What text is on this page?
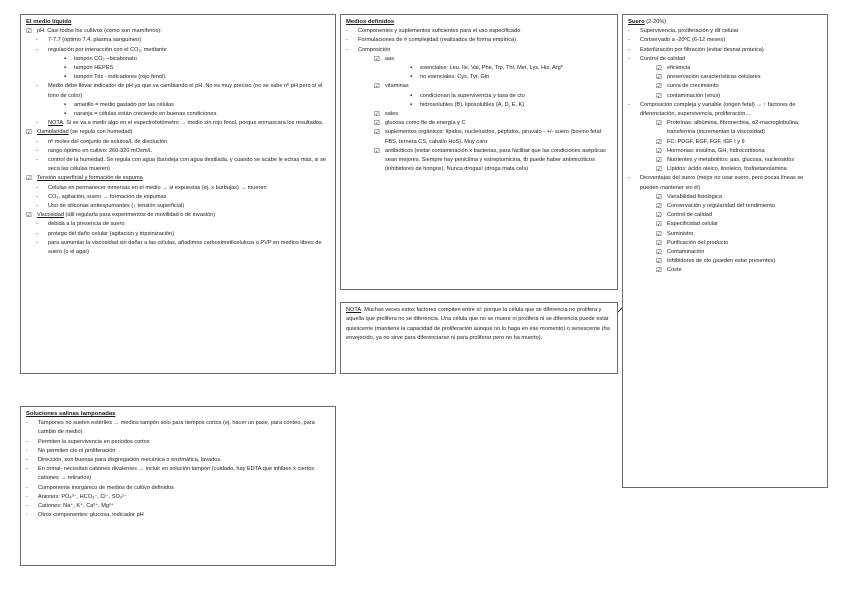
El medio líquido
☑
pH. Casi todos los cultivos (como son mamíferos):
-
7-7.7 (óptimo 7.4, plasma sanguíneo)
-
regulación por interacción con el CO₂, mediante
▪
tampón CO₂ –bicabonato
▪
tampón HEPES
▪
tampón Tris - indicadores (rojo fenol).
-
Medio debe llevar indicador de pH ya que va cambiando el pH. No es muy preciso (no se sabe nº pH pero sí el tono de color)
▪
amarillo = medio gastado por las células
▪
naranja = células están creciendo en buenas condiciones.
-
NOTA. Si se va a medir algo en el espectrofotómetro → medio sin rojo fenol, porque enmascara los resultados.
☑
Osmolaridad (se regula con humedad)
-
nº moles del conjunto de solutos/L de disolución
-
rango óptimo en cultivo: 260-320 mOsm/L
-
control de la humedad. Se regula con agua (bandeja con agua destilada, y cuando se acabe le echas más, si se seca las células mueren)
☑
Tensión superficial y formación de espuma
-
Células en permanecer inmersas en el medio → si expuestas (ej. x burbujas) → mueren
-
CO₂, agitación, suero → formación de espumas
-
Uso de siliconas antiespumantes (↓ tensión superficial)
☑
Viscosidad (útil regularla para experimentos de movilidad o de invasión)
-
debida a la presencia de suero
-
protege del daño celular (agitación y tripsinización)
-
para aumentar la viscosidad sin dañar a las células, añadimos carboximetilcelulosa o PVP en medios libres de suero (o el agar)
Soluciones salinas tamponadas
-
Tampones no suelen estériles → medios tampón solo para tiempos cortos (ej. hacer un pase, para conteo, para cambio de medio)
-
Permiten la supervivencia en periodos cortos
-
No permiten cto ni proliferación
-
Dirección, son buenas para disgregación mecánica o enzimática, lavados.
-
En ormal- necesitan cationes divalentes → incluir en solución tampón (cuidado, hay EDTA que inhiben x ciertos cationes → retirarlos)
-
Componente inorgánico de medios de cultivo definidos
-
Aniones: PO₄³⁻, HCO₃⁻, Cl⁻, SO₄²⁻
-
Cationes: Na⁺, K⁺, Ca²⁺, Mg²⁺
-
Otros componentes: glucosa, indicador pH
Medios definidos
-
Componentes y suplementos suficientes para el uso especificado
-
Formulaciones de # complejidad (realizados de forma empírica)
-
Composición
☑
aas
▪
esenciales: Leu, Ile, Val, Phe, Trp, Thr, Met, Lys, His, Arg*
▪
no esenciales: Cys, Tyr, Gln
☑
vitaminas
▪
condicionan la supervivencia y tasa de cto
▪
hidrosolubles (B), liposolubles (A, D, E, K)
☑
sales
☑
glucosa como fte de energía y C
☑
suplementos orgánicos: lípidos, nucleósidos, péptidos, piruvato - +/- suero (bovino fetal FBS, ternera CS, caballo HoS). Muy caro
☑
antibióticos (evitar contaminación x bacterias, para facilitar que las condiciones asépticas sean mejores. Siempre hay penicilina y estreptomicina, tb puede haber antimicóticos (inhibidores de hongos). Nunca drogas! (droga mata cels)
NOTA. Muchas veces estos factores compiten entre sí: porque la célula que se diferencia no prolifera y aquella que prolifera no se diferencia. Una célula que no se muere ni prolifera ni se diferencia puede estar quiescente (mantiene la capacidad de proliferación aunque no lo haga en ese momento) o senescente (ha envejecido, ya no sirve para diferenciarse ni para proliferar pero no ha muerto).
Suero (2-20%)
-
Supervivencia, proliferación y dif celular
-
Conservado a -20ºC (6-12 meses)
-
Esterilización por filtración (evitar desnat proteica)
-
Control de calidad
☑
eficiencia
☑
preservación características celulares
☑
curva de crecimiento
☑
contaminación (virus)
-
Composición compleja y variable (origen fetal) → ↑ factores de diferenciación, supervivencia, proliferación...
☑
Proteínas: albúmina, fibronectina, α2-macroglobulina, transferrina (incrementan la viscosidad)
☑
FC: PDGF, EGF, FGF, IGF I y II
☑
Hormonas: insulina, GH, hidrocortisona
☑
Nutrientes y metabolitos: aas, glucosa, nucleósidos
☑
Lípidos: ácido oleico, linoleico, fosfoetanolamina
-
Desventajas del suero (mejor no usar suero, pero pocas líneas se pueden mantener sin él)
☑
Variabilidad fisiológica
☑
Conservación y regularidad del rendimiento
☑
Control de calidad
☑
Especificidad celular
☑
Suministro
☑
Purificación del producto
☑
Contaminación
☑
Inhibidores de cto (pueden estar presentes)
☑
Coste
